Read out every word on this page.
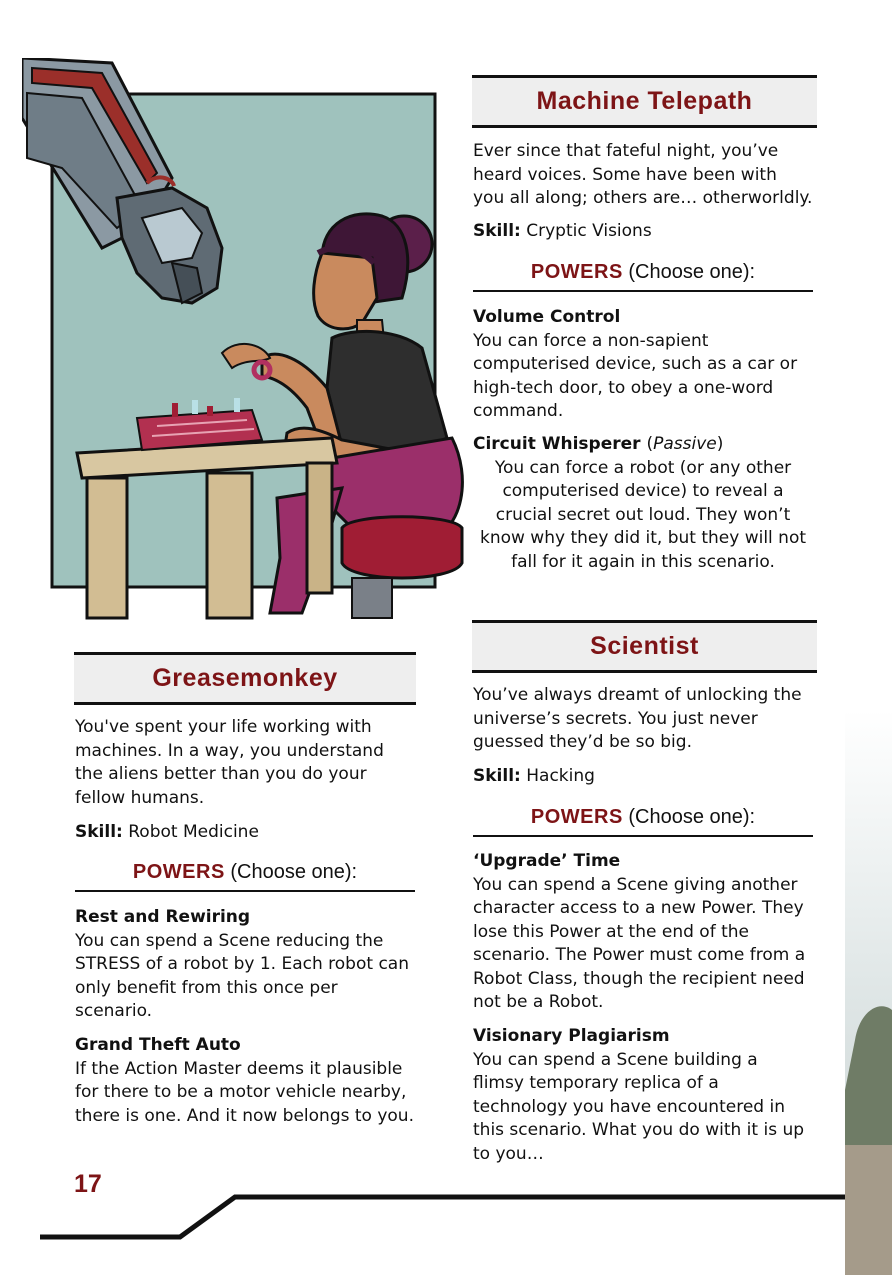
Machine Telepath
Ever since that fateful night, you’ve heard voices. Some have been with you all along; others are… otherworldly.
Skill: Cryptic Visions
POWERS (Choose one):
Volume Control
You can force a non-sapient computerised device, such as a car or high-tech door, to obey a one-word command.
Circuit Whisperer (Passive)
You can force a robot (or any other computerised device) to reveal a crucial secret out loud. They won’t know why they did it, but they will not fall for it again in this scenario.
Scientist
You’ve always dreamt of unlocking the universe’s secrets. You just never guessed they’d be so big.
Skill: Hacking
POWERS (Choose one):
‘Upgrade’ Time
You can spend a Scene giving another character access to a new Power. They lose this Power at the end of the scenario. The Power must come from a Robot Class, though the recipient need not be a Robot.
Visionary Plagiarism
You can spend a Scene building a flimsy temporary replica of a technology you have encountered in this scenario. What you do with it is up to you…
Greasemonkey
You've spent your life working with machines. In a way, you understand the aliens better than you do your fellow humans.
Skill: Robot Medicine
POWERS (Choose one):
Rest and Rewiring
You can spend a Scene reducing the STRESS of a robot by 1. Each robot can only benefit from this once per scenario.
Grand Theft Auto
If the Action Master deems it plausible for there to be a motor vehicle nearby, there is one. And it now belongs to you.
17
